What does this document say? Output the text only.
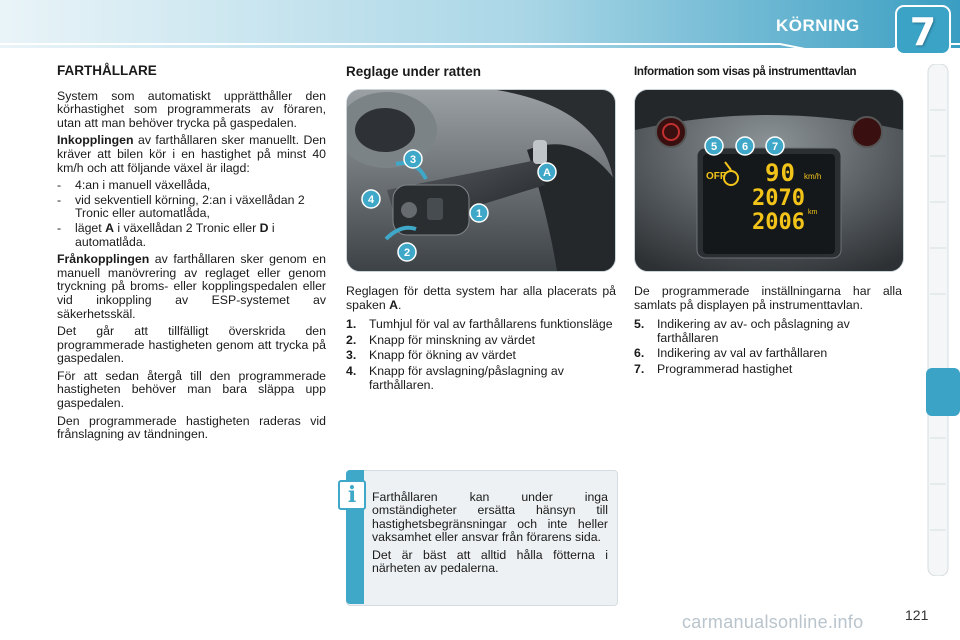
KÖRNING 7
FARTHÅLLARE

System som automatiskt upprätthåller den körhastighet som programmerats av föraren, utan att man behöver trycka på gaspedalen.

Inkopplingen av farthållaren sker manuellt. Den kräver att bilen kör i en hastighet på minst 40 km/h och att följande växel är ilagd:

-	4:an i manuell växellåda,
-	vid sekventiell körning, 2:an i växellådan 2 Tronic eller automatlåda,
-	läget A i växellådan 2 Tronic eller D i automatlåda.

Frånkopplingen av farthållaren sker genom en manuell manövrering av reglaget eller genom tryckning på broms- eller kopplingspedalen eller vid inkoppling av ESP-systemet av säkerhetsskäl.

Det går att tillfälligt överskrida den programmerade hastigheten genom att trycka på gaspedalen.

För att sedan återgå till den programmerade hastigheten behöver man bara släppa upp gaspedalen.

Den programmerade hastigheten raderas vid frånslagning av tändningen.

Reglage under ratten
1
2
3
4
A

Reglagen för detta system har alla placerats på spaken A.

1.	Tumhjul för val av farthållarens funktionsläge
2.	Knapp för minskning av värdet
3.	Knapp för ökning av värdet
4.	Knapp för avslagning/påslagning av farthållaren.
Information som visas på instrumenttavlan
OFF 90 km/h
2070
2006 km
5 6 7

De programmerade inställningarna har alla samlats på displayen på instrumenttavlan.

5.	Indikering av av- och påslagning av farthållaren
6.	Indikering av val av farthållaren
7.	Programmerad hastighet
i	Farthållaren kan under inga omständigheter ersätta hänsyn till hastighetsbegränsningar och inte heller vaksamhet eller ansvar från förarens sida.

Det är bäst att alltid hålla fötterna i närheten av pedalerna.

carmanualsonline.info	121
